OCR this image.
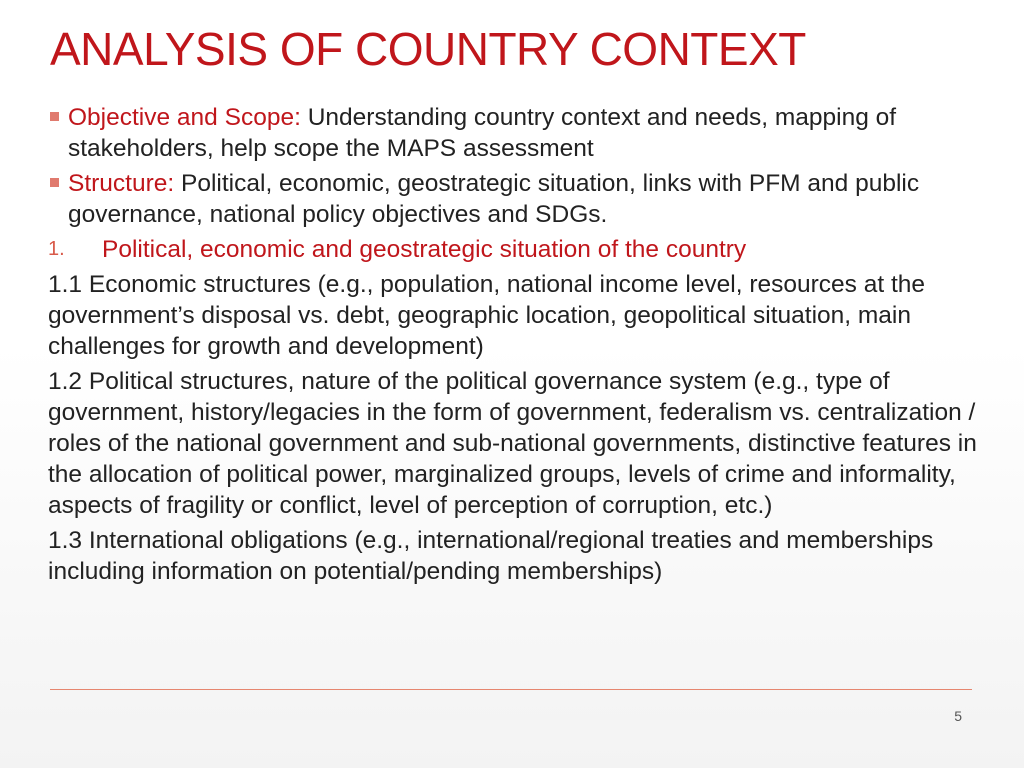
ANALYSIS OF COUNTRY CONTEXT
Objective and Scope: Understanding country context and needs, mapping of stakeholders, help scope the MAPS assessment
Structure: Political, economic, geostrategic situation, links with PFM and public governance, national policy objectives and SDGs.
1. Political, economic and geostrategic situation of the country
1.1 Economic structures (e.g., population, national income level, resources at the government’s disposal vs. debt, geographic location, geopolitical situation, main challenges for growth and development)
1.2 Political structures, nature of the political governance system (e.g., type of government, history/legacies in the form of government, federalism vs. centralization / roles of the national government and sub-national governments, distinctive features in the allocation of political power, marginalized groups, levels of crime and informality, aspects of fragility or conflict, level of perception of corruption, etc.)
1.3 International obligations (e.g., international/regional treaties and memberships including information on potential/pending memberships)
5
